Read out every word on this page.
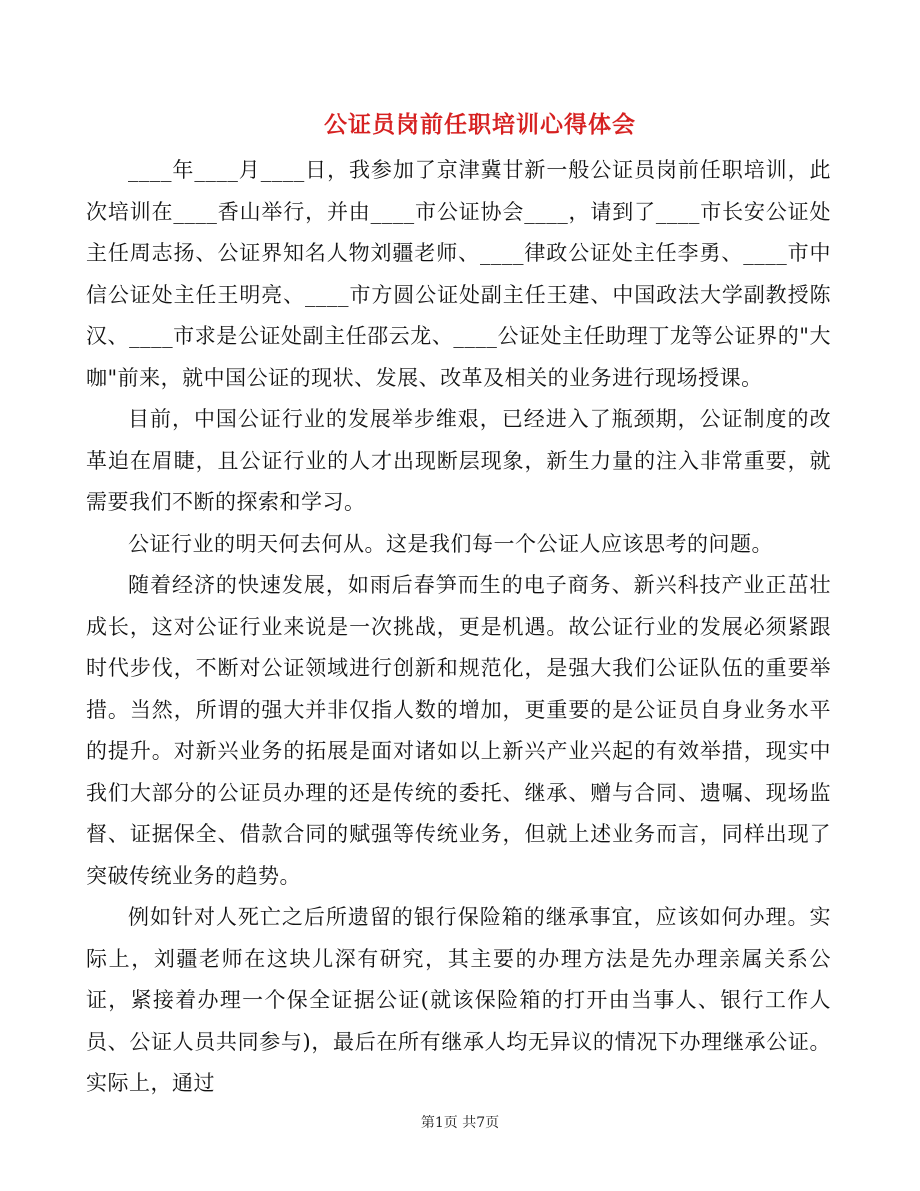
公证员岗前任职培训心得体会

____年____月____日，我参加了京津冀甘新一般公证员岗前任职培训，此次培训在____香山举行，并由____市公证协会____，请到了____市长安公证处主任周志扬、公证界知名人物刘疆老师、____律政公证处主任李勇、____市中信公证处主任王明亮、____市方圆公证处副主任王建、中国政法大学副教授陈汉、____市求是公证处副主任邵云龙、____公证处主任助理丁龙等公证界的"大咖"前来，就中国公证的现状、发展、改革及相关的业务进行现场授课。

目前，中国公证行业的发展举步维艰，已经进入了瓶颈期，公证制度的改革迫在眉睫，且公证行业的人才出现断层现象，新生力量的注入非常重要，就需要我们不断的探索和学习。

公证行业的明天何去何从。这是我们每一个公证人应该思考的问题。

随着经济的快速发展，如雨后春笋而生的电子商务、新兴科技产业正茁壮成长，这对公证行业来说是一次挑战，更是机遇。故公证行业的发展必须紧跟时代步伐，不断对公证领域进行创新和规范化，是强大我们公证队伍的重要举措。当然，所谓的强大并非仅指人数的增加，更重要的是公证员自身业务水平的提升。对新兴业务的拓展是面对诸如以上新兴产业兴起的有效举措，现实中我们大部分的公证员办理的还是传统的委托、继承、赠与合同、遗嘱、现场监督、证据保全、借款合同的赋强等传统业务，但就上述业务而言，同样出现了突破传统业务的趋势。

例如针对人死亡之后所遗留的银行保险箱的继承事宜，应该如何办理。实际上，刘疆老师在这块儿深有研究，其主要的办理方法是先办理亲属关系公证，紧接着办理一个保全证据公证(就该保险箱的打开由当事人、银行工作人员、公证人员共同参与)，最后在所有继承人均无异议的情况下办理继承公证。实际上，通过

第1页 共7页
